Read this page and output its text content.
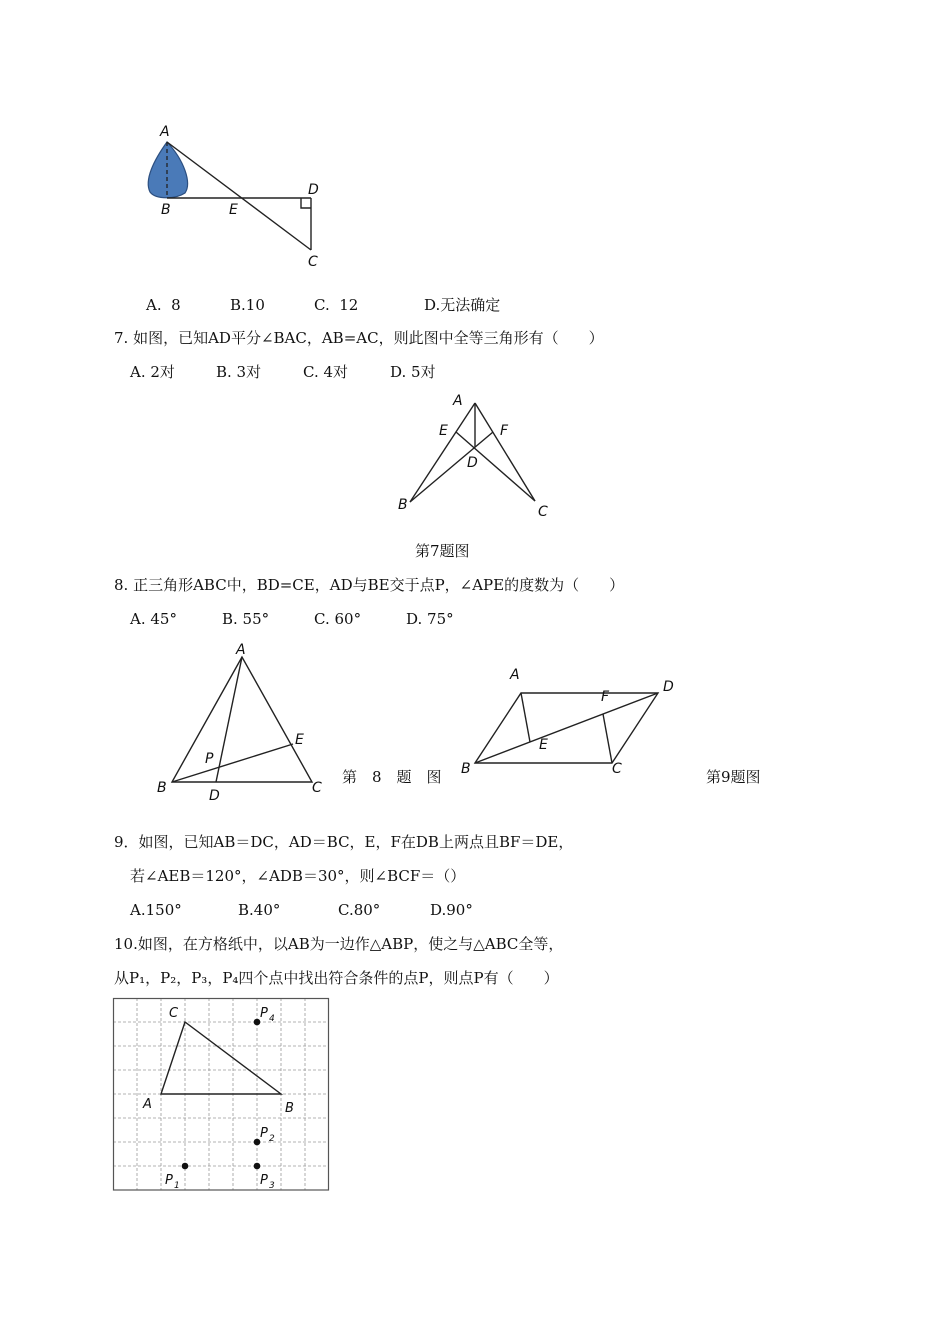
A
B	E
D
C
A.  8	B.10	C.  12	D.无法确定
7. 如图，已知AD平分∠BAC，AB=AC，则此图中全等三角形有（　　）
A. 2对	B. 3对	C. 4对	D. 5对
A
E	F
D
B	C
第7题图
8. 正三角形ABC中，BD=CE，AD与BE交于点P，∠APE的度数为（　　）
A. 45°	B. 55°	C. 60°	D. 75°
A
E
P
B	D	C
第　8　题　图
A
F
D
E
B	C	第9题图
9．如图，已知AB＝DC，AD＝BC，E，F在DB上两点且BF＝DE，
若∠AEB＝120°，∠ADB＝30°，则∠BCF＝（）
A.150°	B.40°	C.80°	D.90°
10.如图，在方格纸中，以AB为一边作△ABP，使之与△ABC全等，
从P₁，P₂，P₃，P₄四个点中找出符合条件的点P，则点P有（　　）
C
A	B
P 4
P 2
P 1	P 3
